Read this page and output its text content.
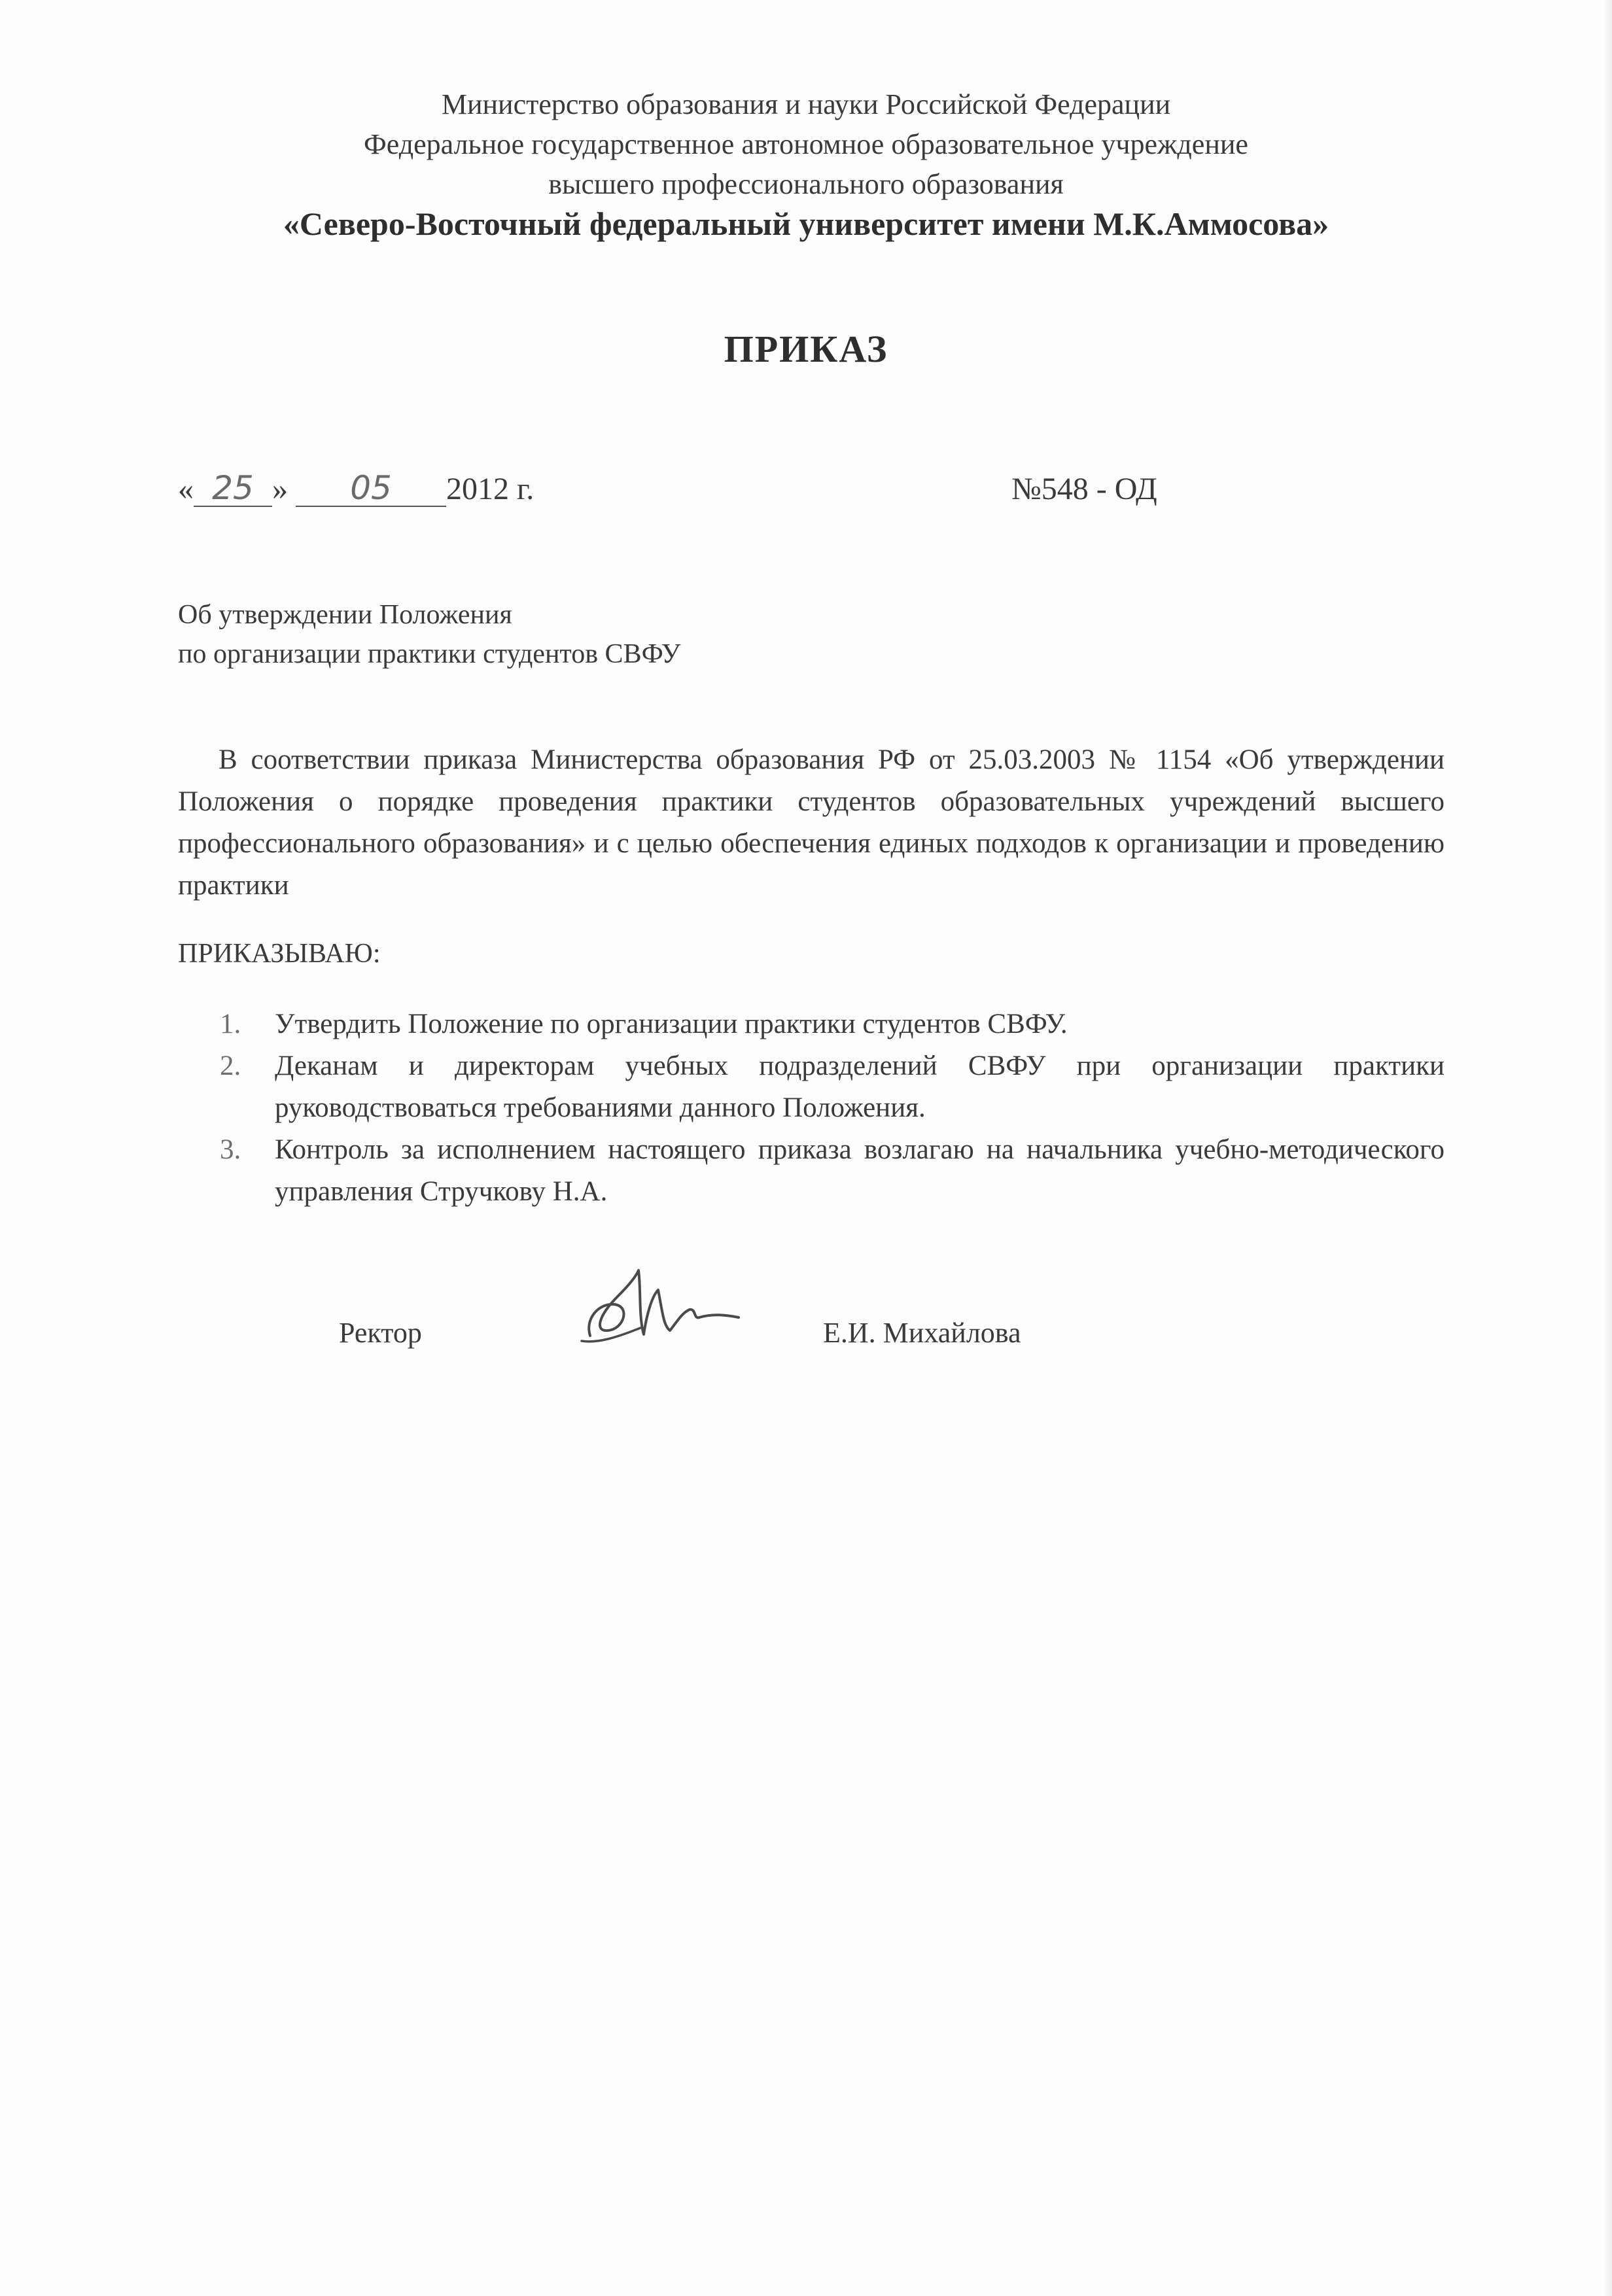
Министерство образования и науки Российской Федерации
Федеральное государственное автономное образовательное учреждение
высшего профессионального образования
«Северо-Восточный федеральный университет имени М.К.Аммосова»
ПРИКАЗ
« 25 » 05 2012 г.	№548 - ОД
Об утверждении Положения
по организации практики студентов СВФУ
В соответствии приказа Министерства образования РФ от 25.03.2003 № 1154 «Об утверждении Положения о порядке проведения практики студентов образовательных учреждений высшего профессионального образования» и с целью обеспечения единых подходов к организации и проведению практики
ПРИКАЗЫВАЮ:
1. Утвердить Положение по организации практики студентов СВФУ.
2. Деканам и директорам учебных подразделений СВФУ при организации практики руководствоваться требованиями данного Положения.
3. Контроль за исполнением настоящего приказа возлагаю на начальника учебно-методического управления Стручкову Н.А.
Ректор	Е.И. Михайлова
